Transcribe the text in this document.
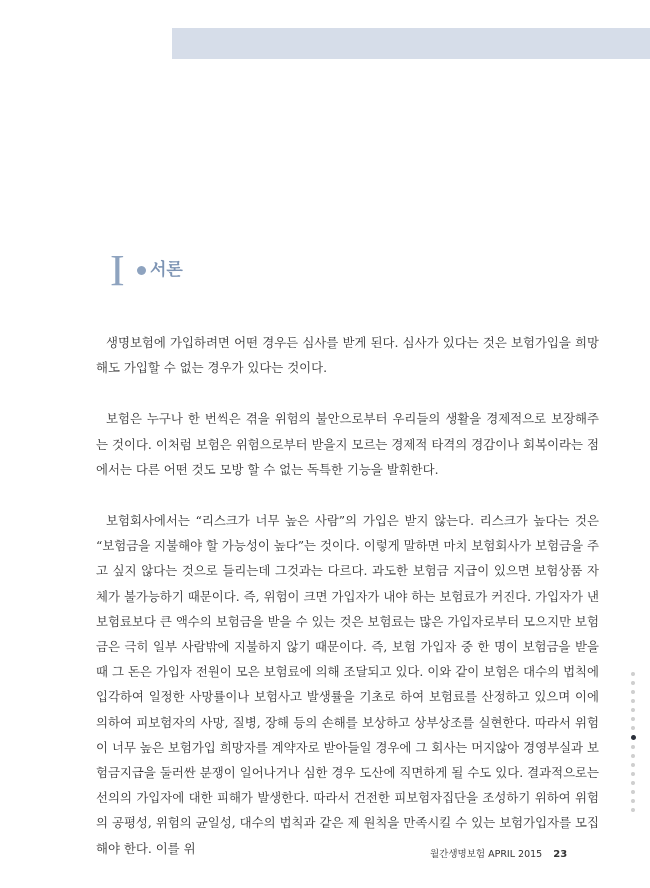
I 서론

생명보험에 가입하려면 어떤 경우든 심사를 받게 된다. 심사가 있다는 것은 보험가입을 희망해도 가입할 수 없는 경우가 있다는 것이다.

보험은 누구나 한 번씩은 겪을 위험의 불안으로부터 우리들의 생활을 경제적으로 보장해주는 것이다. 이처럼 보험은 위험으로부터 받을지 모르는 경제적 타격의 경감이나 회복이라는 점에서는 다른 어떤 것도 모방 할 수 없는 독특한 기능을 발휘한다.

보험회사에서는 “리스크가 너무 높은 사람”의 가입은 받지 않는다. 리스크가 높다는 것은 “보험금을 지불해야 할 가능성이 높다”는 것이다. 이렇게 말하면 마치 보험회사가 보험금을 주고 싶지 않다는 것으로 들리는데 그것과는 다르다. 과도한 보험금 지급이 있으면 보험상품 자체가 불가능하기 때문이다. 즉, 위험이 크면 가입자가 내야 하는 보험료가 커진다. 가입자가 낸 보험료보다 큰 액수의 보험금을 받을 수 있는 것은 보험료는 많은 가입자로부터 모으지만 보험금은 극히 일부 사람밖에 지불하지 않기 때문이다. 즉, 보험 가입자 중 한 명이 보험금을 받을 때 그 돈은 가입자 전원이 모은 보험료에 의해 조달되고 있다. 이와 같이 보험은 대수의 법칙에 입각하여 일정한 사망률이나 보험사고 발생률을 기초로 하여 보험료를 산정하고 있으며 이에 의하여 피보험자의 사망, 질병, 장해 등의 손해를 보상하고 상부상조를 실현한다. 따라서 위험이 너무 높은 보험가입 희망자를 계약자로 받아들일 경우에 그 회사는 머지않아 경영부실과 보험금지급을 둘러싼 분쟁이 일어나거나 심한 경우 도산에 직면하게 될 수도 있다. 결과적으로는 선의의 가입자에 대한 피해가 발생한다. 따라서 건전한 피보험자집단을 조성하기 위하여 위험의 공평성, 위험의 균일성, 대수의 법칙과 같은 제 원칙을 만족시킬 수 있는 보험가입자를 모집해야 한다. 이를 위	월간생명보험 APRIL 2015 23
